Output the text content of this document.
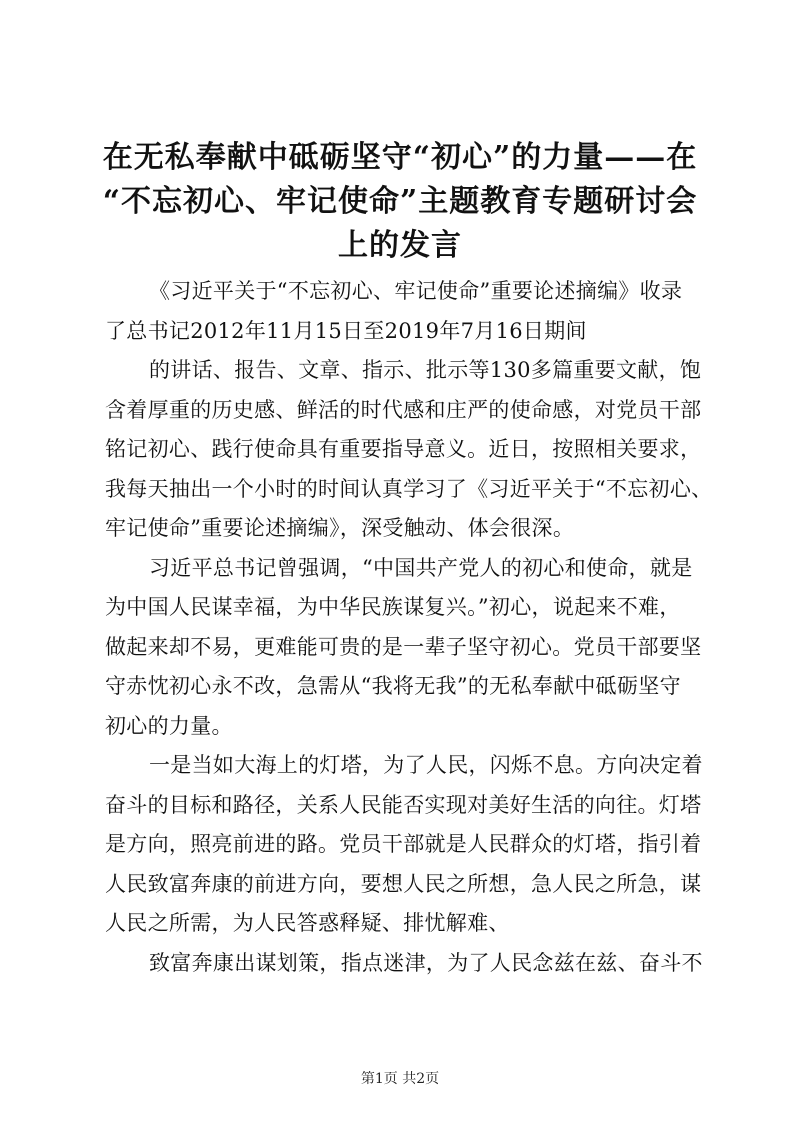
在无私奉献中砥砺坚守“初心”的力量——在
“不忘初心、牢记使命”主题教育专题研讨会
上的发言
《习近平关于“不忘初心、牢记使命”重要论述摘编》收录
了总书记2012年11月15日至2019年7月16日期间
的讲话、报告、文章、指示、批示等130多篇重要文献，饱
含着厚重的历史感、鲜活的时代感和庄严的使命感，对党员干部
铭记初心、践行使命具有重要指导意义。近日，按照相关要求，
我每天抽出一个小时的时间认真学习了《习近平关于“不忘初心、
牢记使命”重要论述摘编》，深受触动、体会很深。
习近平总书记曾强调，“中国共产党人的初心和使命，就是
为中国人民谋幸福，为中华民族谋复兴。”初心，说起来不难，
做起来却不易，更难能可贵的是一辈子坚守初心。党员干部要坚
守赤忱初心永不改，急需从“我将无我”的无私奉献中砥砺坚守
初心的力量。
一是当如大海上的灯塔，为了人民，闪烁不息。方向决定着
奋斗的目标和路径，关系人民能否实现对美好生活的向往。灯塔
是方向，照亮前进的路。党员干部就是人民群众的灯塔，指引着
人民致富奔康的前进方向，要想人民之所想，急人民之所急，谋
人民之所需，为人民答惑释疑、排忧解难、
致富奔康出谋划策，指点迷津，为了人民念兹在兹、奋斗不
第1页 共2页
